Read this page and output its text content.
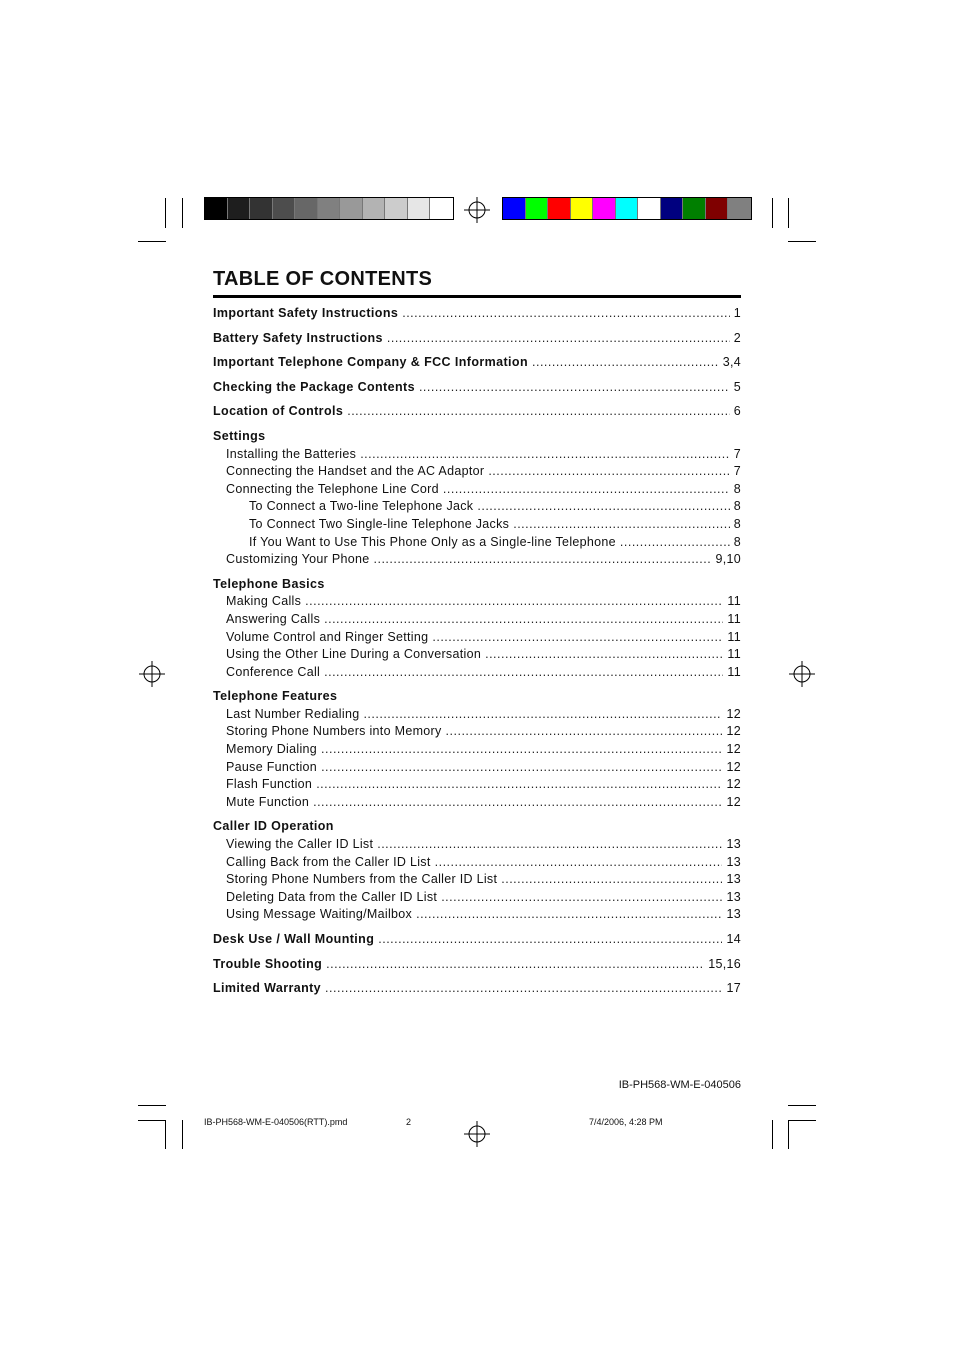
TABLE OF CONTENTS
Important Safety Instructions .....	1
Battery Safety Instructions .....	2
Important Telephone Company & FCC Information .....	3,4
Checking the Package Contents .....	5
Location of Controls .....	6
Settings
Installing the Batteries .....	7
Connecting the Handset and the AC Adaptor .....	7
Connecting the Telephone Line Cord .....	8
To Connect a Two-line Telephone Jack .....	8
To Connect Two Single-line Telephone Jacks .....	8
If You Want to Use This Phone Only as a Single-line Telephone .....	8
Customizing Your Phone .....	9,10
Telephone Basics
Making Calls .....	11
Answering Calls .....	11
Volume Control and Ringer Setting .....	11
Using the Other Line During a Conversation .....	11
Conference Call .....	11
Telephone Features
Last Number Redialing .....	12
Storing Phone Numbers into Memory .....	12
Memory Dialing .....	12
Pause Function .....	12
Flash Function .....	12
Mute Function .....	12
Caller ID Operation
Viewing the Caller ID List .....	13
Calling Back from the Caller ID List .....	13
Storing Phone Numbers from the Caller ID List .....	13
Deleting Data from the Caller ID List .....	13
Using Message Waiting/Mailbox .....	13
Desk Use / Wall Mounting .....	14
Trouble Shooting .....	15,16
Limited Warranty .....	17
IB-PH568-WM-E-040506
IB-PH568-WM-E-040506(RTT).pmd	2	7/4/2006, 4:28 PM
